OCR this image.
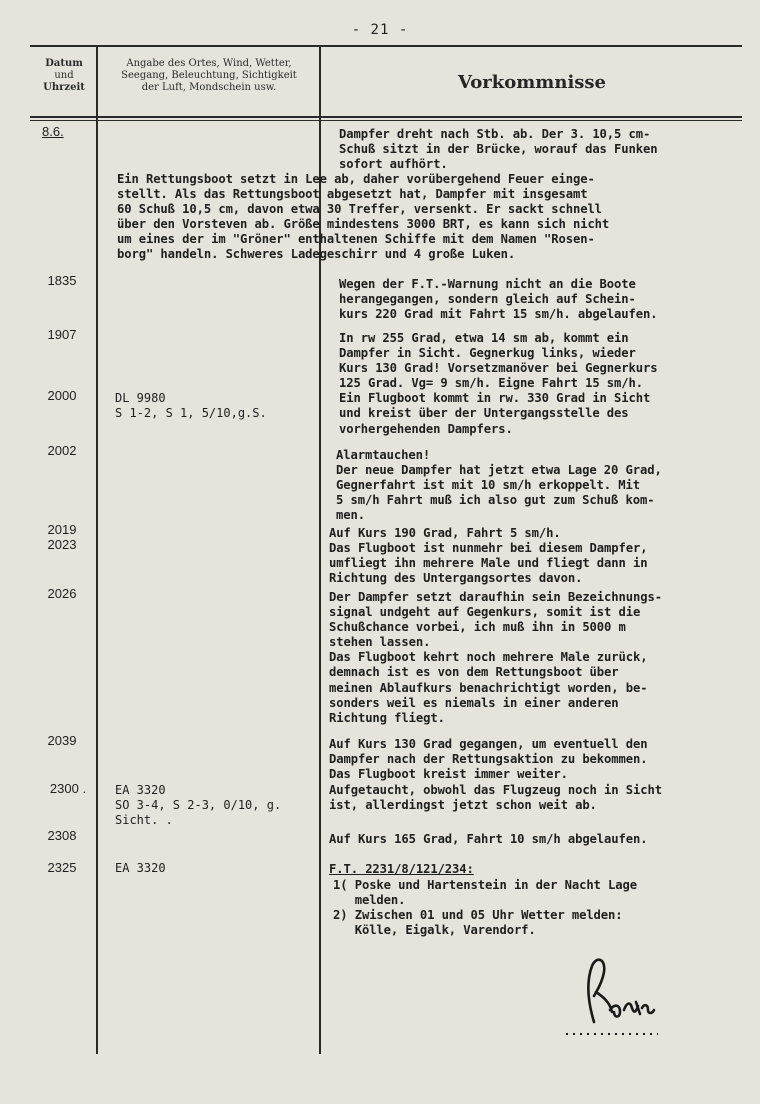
- 21 -
Datum
und
Uhrzeit
Angabe des Ortes, Wind, Wetter,
Seegang, Beleuchtung, Sichtigkeit
der Luft, Mondschein usw.	Vorkommnisse
8.6.
1835
1907
2000
2002
2019
2023
2026
2039
2300 .
2308
2325
DL 9980
S 1-2, S 1, 5/10,g.S.
EA 3320
SO 3-4, S 2-3, 0/10, g.
Sicht. .
EA 3320
Dampfer dreht nach Stb. ab. Der 3. 10,5 cm-
Schuß sitzt in der Brücke, worauf das Funken
sofort aufhört.
Ein Rettungsboot setzt in Lee ab, daher vorübergehend Feuer einge-
stellt. Als das Rettungsboot abgesetzt hat, Dampfer mit insgesamt
60 Schuß 10,5 cm, davon etwa 30 Treffer, versenkt. Er sackt schnell
über den Vorsteven ab. Größe mindestens 3000 BRT, es kann sich nicht
um eines der im "Gröner" enthaltenen Schiffe mit dem Namen "Rosen-
borg" handeln. Schweres Ladegeschirr und 4 große Luken.
Wegen der F.T.-Warnung nicht an die Boote
herangegangen, sondern gleich auf Schein-
kurs 220 Grad mit Fahrt 15 sm/h. abgelaufen.
In rw 255 Grad, etwa 14 sm ab, kommt ein
Dampfer in Sicht. Gegnerkug links, wieder
Kurs 130 Grad! Vorsetzmanöver bei Gegnerkurs
125 Grad. Vg= 9 sm/h. Eigne Fahrt 15 sm/h.
Ein Flugboot kommt in rw. 330 Grad in Sicht
und kreist über der Untergangsstelle des
vorhergehenden Dampfers.
Alarmtauchen!
Der neue Dampfer hat jetzt etwa Lage 20 Grad,
Gegnerfahrt ist mit 10 sm/h erkoppelt. Mit
5 sm/h Fahrt muß ich also gut zum Schuß kom-
men.
Auf Kurs 190 Grad, Fahrt 5 sm/h.
Das Flugboot ist nunmehr bei diesem Dampfer,
umfliegt ihn mehrere Male und fliegt dann in
Richtung des Untergangsortes davon.
Der Dampfer setzt daraufhin sein Bezeichnungs-
signal undgeht auf Gegenkurs, somit ist die
Schußchance vorbei, ich muß ihn in 5000 m
stehen lassen.
Das Flugboot kehrt noch mehrere Male zurück,
demnach ist es von dem Rettungsboot über
meinen Ablaufkurs benachrichtigt worden, be-
sonders weil es niemals in einer anderen
Richtung fliegt.
Auf Kurs 130 Grad gegangen, um eventuell den
Dampfer nach der Rettungsaktion zu bekommen.
Das Flugboot kreist immer weiter.
Aufgetaucht, obwohl das Flugzeug noch in Sicht
ist, allerdingst jetzt schon weit ab.
Auf Kurs 165 Grad, Fahrt 10 sm/h abgelaufen.
F.T. 2231/8/121/234:
1( Poske und Hartenstein in der Nacht Lage
melden.
2) Zwischen 01 und 05 Uhr Wetter melden:
Kölle, Eigalk, Varendorf.
